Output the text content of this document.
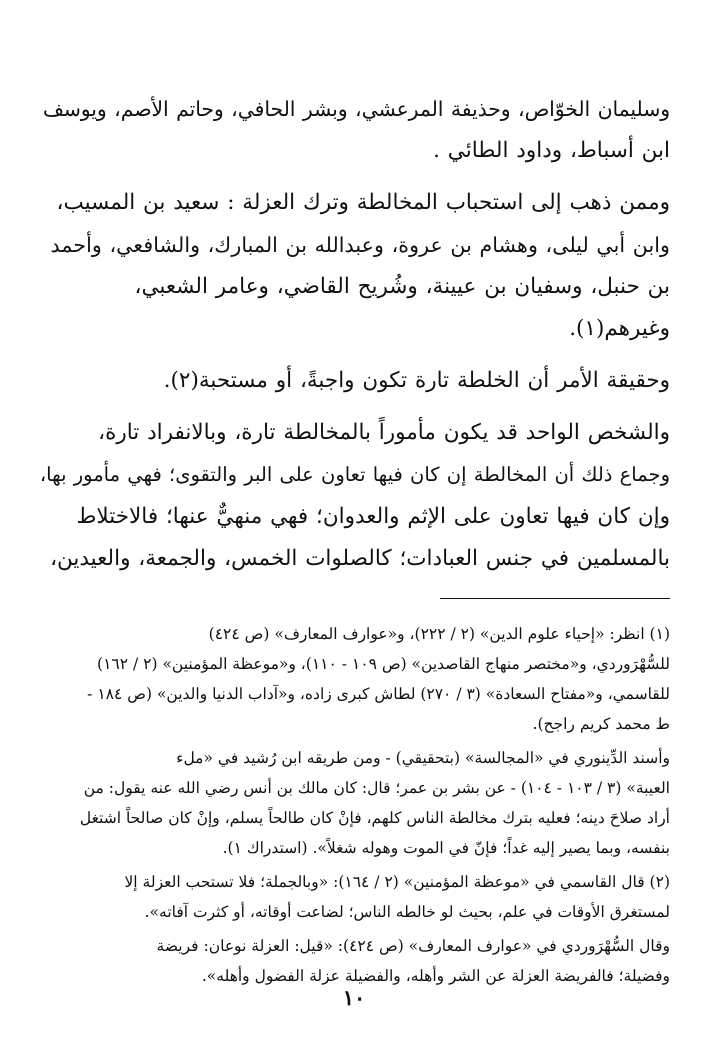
وسليمان الخوّاص، وحذيفة المرعشي، وبشر الحافي، وحاتم الأصم، ويوسف
ابن أسباط، وداود الطائي .

وممن ذهب إلى استحباب المخالطة وترك العزلة : سعيد بن المسيب،
وابن أبي ليلى، وهشام بن عروة، وعبدالله بن المبارك، والشافعي، وأحمد
بن حنبل، وسفيان بن عيينة، وشُريح القاضي، وعامر الشعبي،
وغيرهم(١).

وحقيقة الأمر أن الخلطة تارة تكون واجبةً، أو مستحبة(٢).

والشخص الواحد قد يكون مأموراً بالمخالطة تارة، وبالانفراد تارة،
وجماع ذلك أن المخالطة إن كان فيها تعاون على البر والتقوى؛ فهي مأمور بها،
وإن كان فيها تعاون على الإثم والعدوان؛ فهي منهيٌّ عنها؛ فالاختلاط
بالمسلمين في جنس العبادات؛ كالصلوات الخمس، والجمعة، والعيدين،

(١) انظر: «إحياء علوم الدين» (٢ / ٢٢٢)، و«عوارف المعارف» (ص ٤٢٤)
للسُّهْرَوردي، و«مختصر منهاج القاصدين» (ص ١٠٩ - ١١٠)، و«موعظة المؤمنين» (٢ / ١٦٢)
للقاسمي، و«مفتاح السعادة» (٣ / ٢٧٠) لطاش كبرى زاده، و«آداب الدنيا والدين» (ص ١٨٤ -
ط محمد كريم راجح).

وأسند الدِّينوري في «المجالسة» (بتحقيقي) - ومن طريقه ابن رُشيد في «ملء
العيبة» (٣ / ١٠٣ - ١٠٤) - عن بشر بن عمر؛ قال: كان مالك بن أنس رضي الله عنه يقول: من
أراد صلاحَ دينه؛ فعليه بترك مخالطة الناس كلهم، فإنْ كان طالحاً يسلم، وإنْ كان صالحاً اشتغل
بنفسه، وبما يصير إليه غداً؛ فإنّ في الموت وهوله شغلاً». (استدراك ١).

(٢) قال القاسمي في «موعظة المؤمنين» (٢ / ١٦٤): «وبالجملة؛ فلا تستحب العزلة إلا
لمستغرق الأوقات في علم، بحيث لو خالطه الناس؛ لضاعت أوقاته، أو كثرت آفاته».

وقال السُّهْرَوردي في «عوارف المعارف» (ص ٤٢٤): «قيل: العزلة نوعان: فريضة
وفضيلة؛ فالفريضة العزلة عن الشر وأهله، والفضيلة عزلة الفضول وأهله».

١٠
